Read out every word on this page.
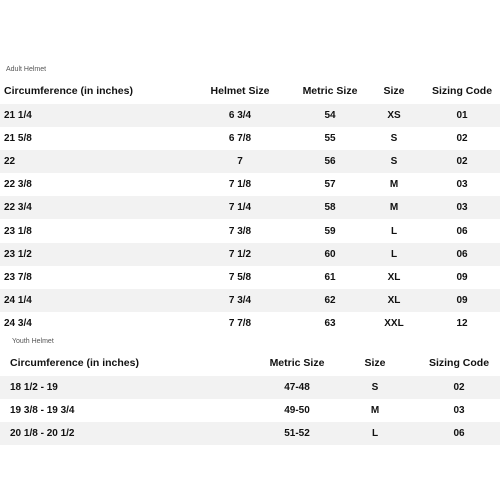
Adult Helmet
Circumference (in inches)	Helmet Size	Metric Size	Size	Sizing Code
21 1/4	6 3/4	54	XS	01
21 5/8	6 7/8	55	S	02
22	7	56	S	02
22 3/8	7 1/8	57	M	03
22 3/4	7 1/4	58	M	03
23 1/8	7 3/8	59	L	06
23 1/2	7 1/2	60	L	06
23 7/8	7 5/8	61	XL	09
24 1/4	7 3/4	62	XL	09
24 3/4	7 7/8	63	XXL	12
Youth Helmet
Circumference (in inches)	Metric Size	Size	Sizing Code
18 1/2 - 19	47-48	S	02
19 3/8 - 19 3/4	49-50	M	03
20 1/8 - 20 1/2	51-52	L	06
